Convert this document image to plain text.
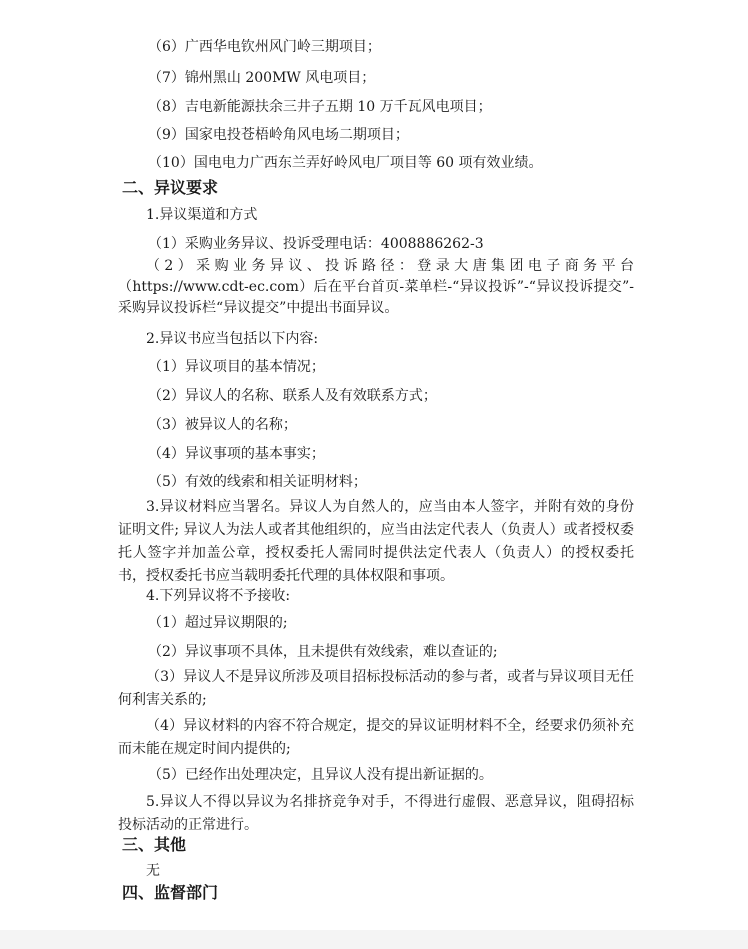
（6）广西华电钦州风门岭三期项目；
（7）锦州黑山 200MW 风电项目；
（8）吉电新能源扶余三井子五期 10 万千瓦风电项目；
（9）国家电投苍梧岭角风电场二期项目；
（10）国电电力广西东兰弄好岭风电厂项目等 60 项有效业绩。
二、异议要求
1.异议渠道和方式
（1）采购业务异议、投诉受理电话：4008886262-3
（2）采购业务异议、投诉路径：登录大唐集团电子商务平台（https://www.cdt-ec.com）后在平台首页-菜单栏-“异议投诉”-“异议投诉提交”-采购异议投诉栏“异议提交”中提出书面异议。
2.异议书应当包括以下内容:
（1）异议项目的基本情况；
（2）异议人的名称、联系人及有效联系方式；
（3）被异议人的名称；
（4）异议事项的基本事实；
（5）有效的线索和相关证明材料；
3.异议材料应当署名。异议人为自然人的，应当由本人签字，并附有效的身份证明文件; 异议人为法人或者其他组织的，应当由法定代表人（负责人）或者授权委托人签字并加盖公章，授权委托人需同时提供法定代表人（负责人）的授权委托书，授权委托书应当载明委托代理的具体权限和事项。
4.下列异议将不予接收:
（1）超过异议期限的;
（2）异议事项不具体，且未提供有效线索，难以查证的;
（3）异议人不是异议所涉及项目招标投标活动的参与者，或者与异议项目无任何利害关系的;
（4）异议材料的内容不符合规定，提交的异议证明材料不全，经要求仍须补充而未能在规定时间内提供的;
（5）已经作出处理决定，且异议人没有提出新证据的。
5.异议人不得以异议为名排挤竞争对手，不得进行虚假、恶意异议，阻碍招标投标活动的正常进行。
三、其他
无
四、监督部门
